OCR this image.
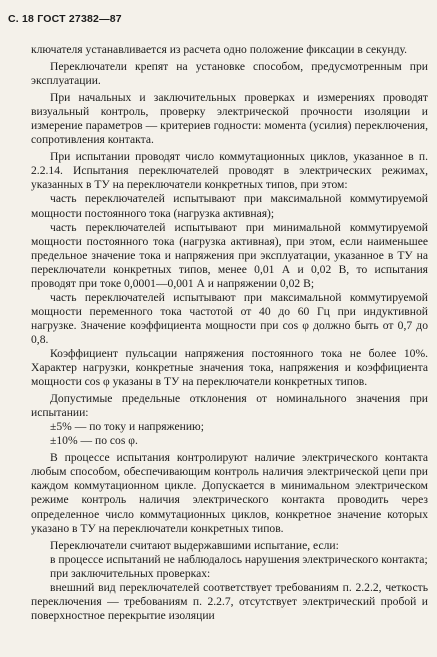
С. 18 ГОСТ 27382—87

ключателя устанавливается из расчета одно положение фиксации в секунду.

Переключатели крепят на установке способом, предусмотренным при эксплуатации.

При начальных и заключительных проверках и измерениях проводят визуальный контроль, проверку электрической прочности изоляции и измерение параметров — критериев годности: момента (усилия) переключения, сопротивления контакта.

При испытании проводят число коммутационных циклов, указанное в п. 2.2.14. Испытания переключателей проводят в электрических режимах, указанных в ТУ на переключатели конкретных типов, при этом:

часть переключателей испытывают при максимальной коммутируемой мощности постоянного тока (нагрузка активная);

часть переключателей испытывают при минимальной коммутируемой мощности постоянного тока (нагрузка активная), при этом, если наименьшее предельное значение тока и напряжения при эксплуатации, указанное в ТУ на переключатели конкретных типов, менее 0,01 А и 0,02 В, то испытания проводят при токе 0,0001—0,001 А и напряжении 0,02 В;

часть переключателей испытывают при максимальной коммутируемой мощности переменного тока частотой от 40 до 60 Гц при индуктивной нагрузке. Значение коэффициента мощности при cos φ должно быть от 0,7 до 0,8.

Коэффициент пульсации напряжения постоянного тока не более 10%. Характер нагрузки, конкретные значения тока, напряжения и коэффициента мощности cos φ указаны в ТУ на переключатели конкретных типов.

Допустимые предельные отклонения от номинального значения при испытании:

±5% — по току и напряжению;

±10% — по cos φ.

В процессе испытания контролируют наличие электрического контакта любым способом, обеспечивающим контроль наличия электрической цепи при каждом коммутационном цикле. Допускается в минимальном электрическом режиме контроль наличия электрического контакта проводить через определенное число коммутационных циклов, конкретное значение которых указано в ТУ на переключатели конкретных типов.

Переключатели считают выдержавшими испытание, если:

в процессе испытаний не наблюдалось нарушения электрического контакта;

при заключительных проверках:

внешний вид переключателей соответствует требованиям п. 2.2.2, четкость переключения — требованиям п. 2.2.7, отсутствует электрический пробой и поверхностное перекрытие изоляции
